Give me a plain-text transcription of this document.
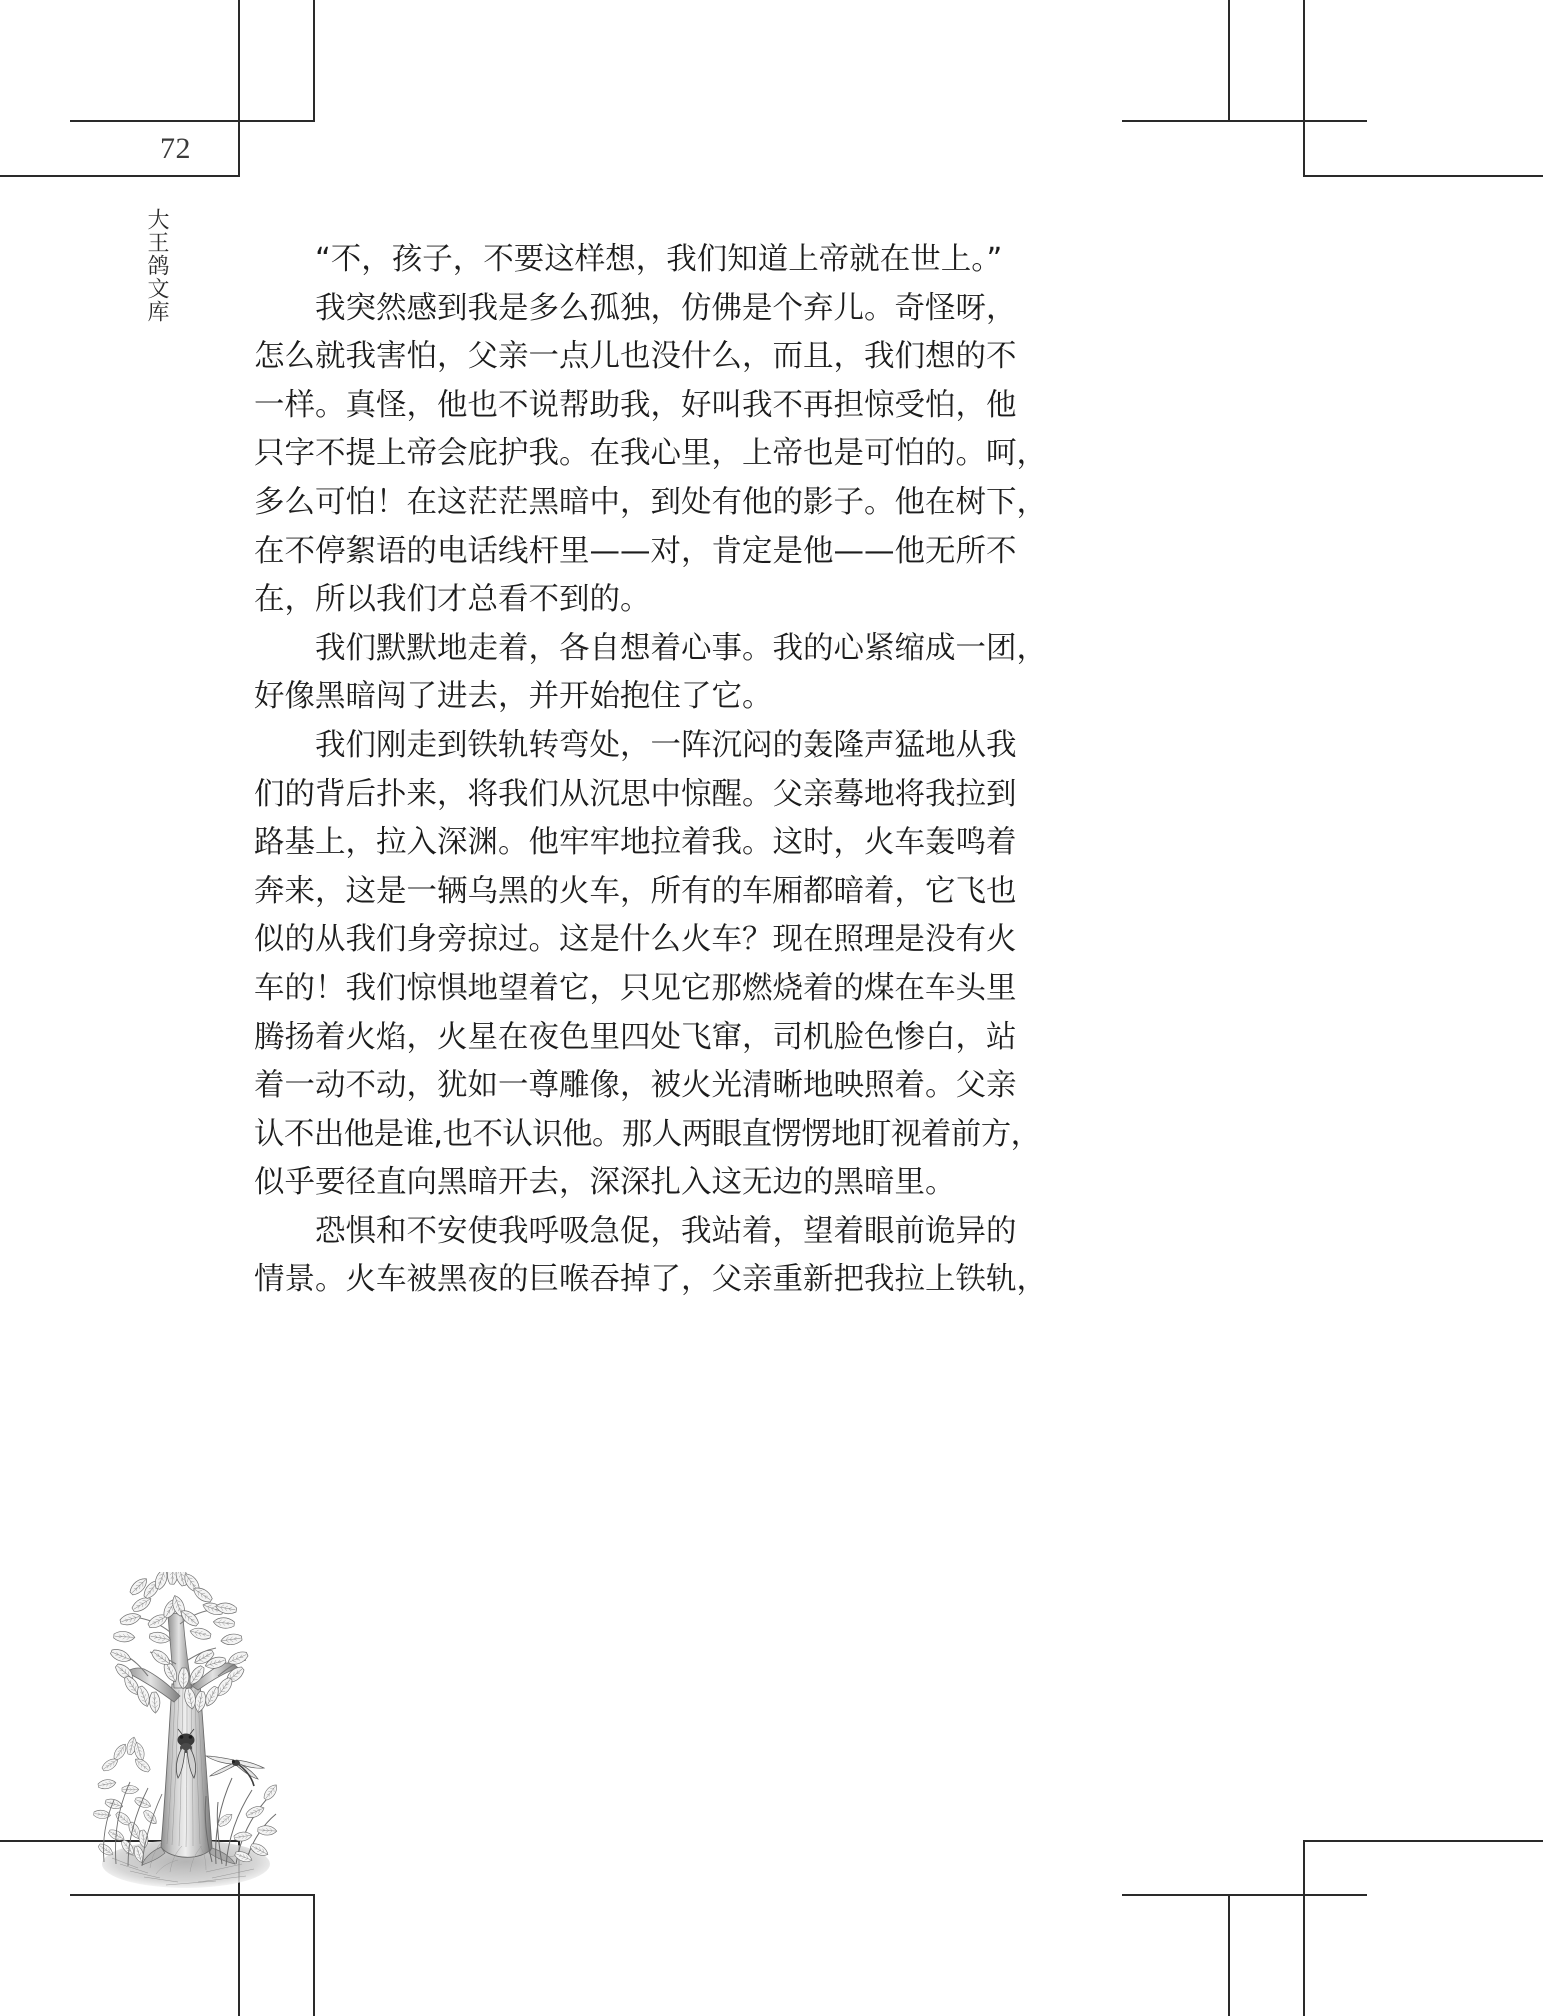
72
大王鸽文库	“不，孩子，不要这样想，我们知道上帝就在世上。”
我突然感到我是多么孤独，仿佛是个弃儿。奇怪呀，
怎么就我害怕，父亲一点儿也没什么，而且，我们想的不
一样。真怪，他也不说帮助我，好叫我不再担惊受怕，他
只字不提上帝会庇护我。在我心里，上帝也是可怕的。呵，
多么可怕！在这茫茫黑暗中，到处有他的影子。他在树下，
在不停絮语的电话线杆里——对，肯定是他——他无所不
在，所以我们才总看不到的。
我们默默地走着，各自想着心事。我的心紧缩成一团，
好像黑暗闯了进去，并开始抱住了它。
我们刚走到铁轨转弯处，一阵沉闷的轰隆声猛地从我
们的背后扑来，将我们从沉思中惊醒。父亲蓦地将我拉到
路基上，拉入深渊。他牢牢地拉着我。这时，火车轰鸣着
奔来，这是一辆乌黑的火车，所有的车厢都暗着，它飞也
似的从我们身旁掠过。这是什么火车？现在照理是没有火
车的！我们惊惧地望着它，只见它那燃烧着的煤在车头里
腾扬着火焰，火星在夜色里四处飞窜，司机脸色惨白，站
着一动不动，犹如一尊雕像，被火光清晰地映照着。父亲
认不出他是谁,也不认识他。那人两眼直愣愣地盯视着前方，
似乎要径直向黑暗开去，深深扎入这无边的黑暗里。
恐惧和不安使我呼吸急促，我站着，望着眼前诡异的
情景。火车被黑夜的巨喉吞掉了，父亲重新把我拉上铁轨，
